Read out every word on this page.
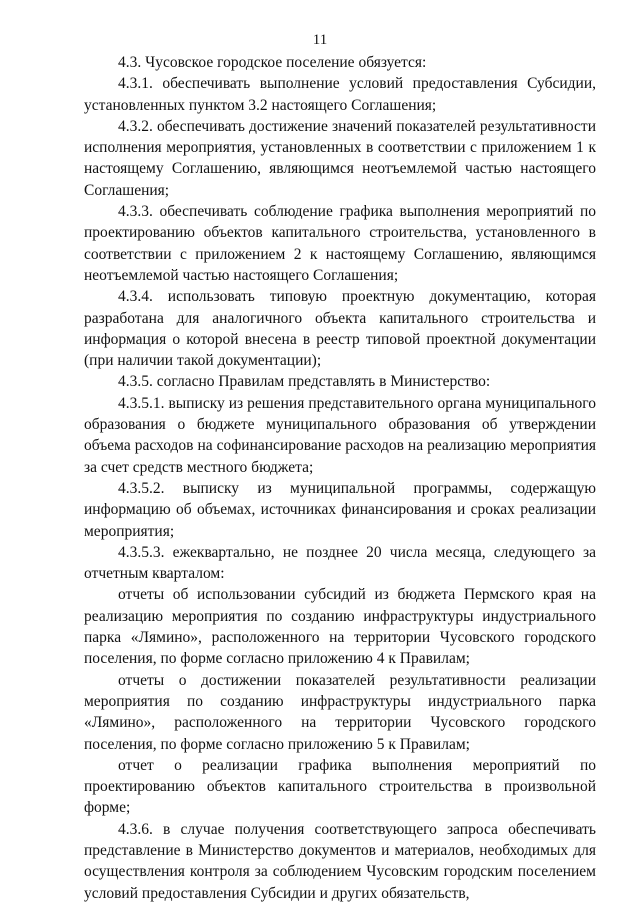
11

4.3. Чусовское городское поселение обязуется:

4.3.1. обеспечивать выполнение условий предоставления Субсидии, установленных пунктом 3.2 настоящего Соглашения;

4.3.2. обеспечивать достижение значений показателей результативности исполнения мероприятия, установленных в соответствии с приложением 1 к настоящему Соглашению, являющимся неотъемлемой частью настоящего Соглашения;

4.3.3. обеспечивать соблюдение графика выполнения мероприятий по проектированию объектов капитального строительства, установленного в соответствии с приложением 2 к настоящему Соглашению, являющимся неотъемлемой частью настоящего Соглашения;

4.3.4. использовать типовую проектную документацию, которая разработана для аналогичного объекта капитального строительства и информация о которой внесена в реестр типовой проектной документации (при наличии такой документации);

4.3.5. согласно Правилам представлять в Министерство:

4.3.5.1. выписку из решения представительного органа муниципального образования о бюджете муниципального образования об утверждении объема расходов на софинансирование расходов на реализацию мероприятия за счет средств местного бюджета;

4.3.5.2. выписку из муниципальной программы, содержащую информацию об объемах, источниках финансирования и сроках реализации мероприятия;

4.3.5.3. ежеквартально, не позднее 20 числа месяца, следующего за отчетным кварталом:

отчеты об использовании субсидий из бюджета Пермского края на реализацию мероприятия по созданию инфраструктуры индустриального парка «Лямино», расположенного на территории Чусовского городского поселения, по форме согласно приложению 4 к Правилам;

отчеты о достижении показателей результативности реализации мероприятия по созданию инфраструктуры индустриального парка «Лямино», расположенного на территории Чусовского городского поселения, по форме согласно приложению 5 к Правилам;

отчет о реализации графика выполнения мероприятий по проектированию объектов капитального строительства в произвольной форме;

4.3.6. в случае получения соответствующего запроса обеспечивать представление в Министерство документов и материалов, необходимых для осуществления контроля за соблюдением Чусовским городским поселением условий предоставления Субсидии и других обязательств,
